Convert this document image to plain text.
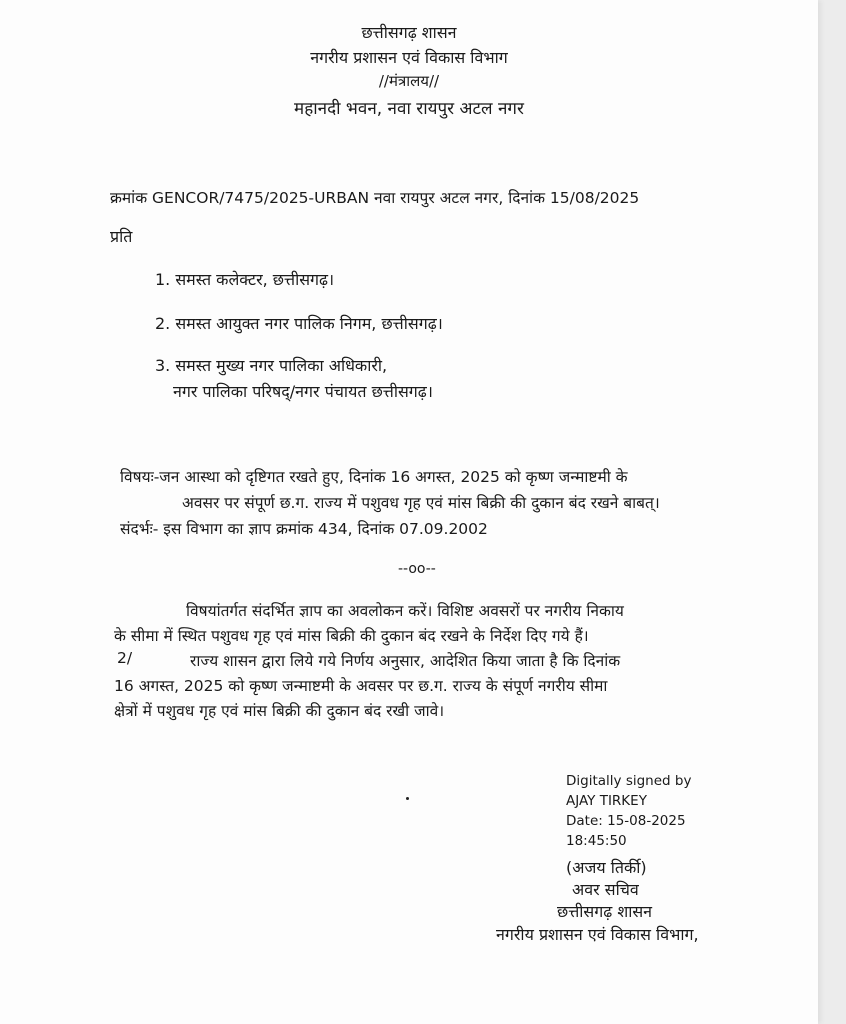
छत्तीसगढ़ शासन
नगरीय प्रशासन एवं विकास विभाग
//मंत्रालय//
महानदी भवन, नवा रायपुर अटल नगर
क्रमांक GENCOR/7475/2025-URBAN नवा रायपुर अटल नगर, दिनांक 15/08/2025
प्रति
1. समस्त कलेक्टर, छत्तीसगढ़।
2. समस्त आयुक्त नगर पालिक निगम, छत्तीसगढ़।
3. समस्त मुख्य नगर पालिका अधिकारी,
नगर पालिका परिषद्/नगर पंचायत छत्तीसगढ़।
विषयः-जन आस्था को दृष्टिगत रखते हुए, दिनांक 16 अगस्त, 2025 को कृष्ण जन्माष्टमी के
अवसर पर संपूर्ण छ.ग. राज्य में पशुवध गृह एवं मांस बिक्री की दुकान बंद रखने बाबत्।
संदर्भः- इस विभाग का ज्ञाप क्रमांक 434, दिनांक 07.09.2002
--oo--
विषयांतर्गत संदर्भित ज्ञाप का अवलोकन करें। विशिष्ट अवसरों पर नगरीय निकाय
के सीमा में स्थित पशुवध गृह एवं मांस बिक्री की दुकान बंद रखने के निर्देश दिए गये हैं।
2/	राज्य शासन द्वारा लिये गये निर्णय अनुसार, आदेशित किया जाता है कि दिनांक
16 अगस्त, 2025 को कृष्ण जन्माष्टमी के अवसर पर छ.ग. राज्य के संपूर्ण नगरीय सीमा
क्षेत्रों में पशुवध गृह एवं मांस बिक्री की दुकान बंद रखी जावे।
Digitally signed by
AJAY TIRKEY
Date: 15-08-2025
18:45:50
(अजय तिर्की)
अवर सचिव
छत्तीसगढ़ शासन
नगरीय प्रशासन एवं विकास विभाग,
